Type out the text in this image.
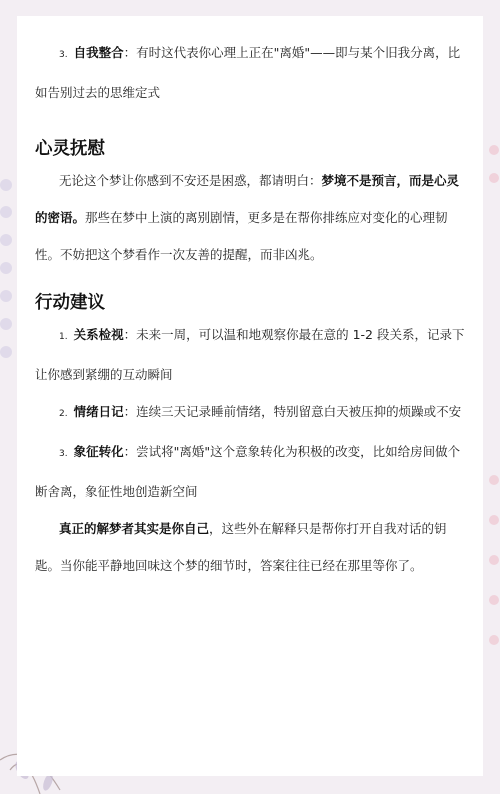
3. 自我整合：有时这代表你心理上正在"离婚"——即与某个旧我分离，比如告别过去的思维定式

心灵抚慰

无论这个梦让你感到不安还是困惑，都请明白：梦境不是预言，而是心灵的密语。那些在梦中上演的离别剧情，更多是在帮你排练应对变化的心理韧性。不妨把这个梦看作一次友善的提醒，而非凶兆。

行动建议

1. 关系检视：未来一周，可以温和地观察你最在意的 1-2 段关系，记录下让你感到紧绷的互动瞬间

2. 情绪日记：连续三天记录睡前情绪，特别留意白天被压抑的烦躁或不安

3. 象征转化：尝试将"离婚"这个意象转化为积极的改变，比如给房间做个断舍离，象征性地创造新空间

真正的解梦者其实是你自己，这些外在解释只是帮你打开自我对话的钥匙。当你能平静地回味这个梦的细节时，答案往往已经在那里等你了。
